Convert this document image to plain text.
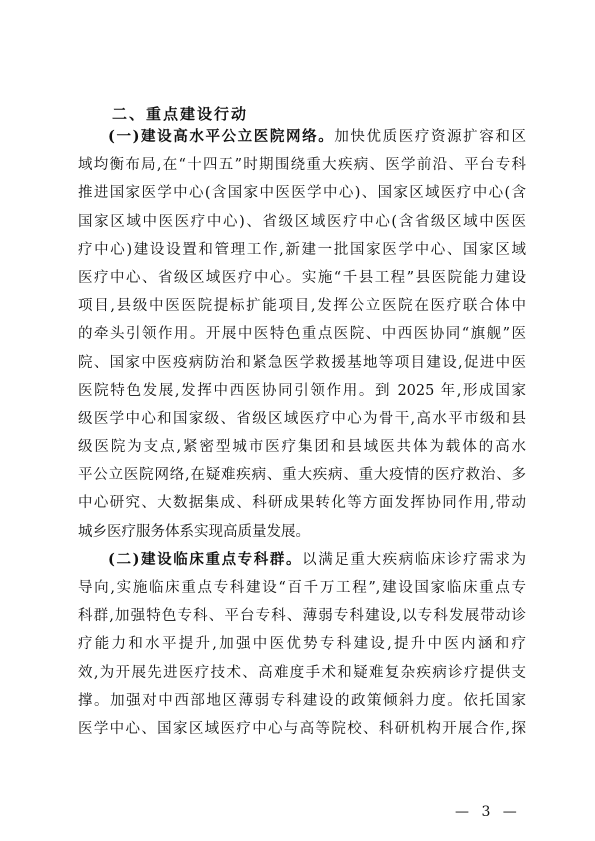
二、重点建设行动
(一)建设高水平公立医院网络。加快优质医疗资源扩容和区
域均衡布局,在“十四五”时期围绕重大疾病、医学前沿、平台专科
推进国家医学中心(含国家中医医学中心)、国家区域医疗中心(含
国家区域中医医疗中心)、省级区域医疗中心(含省级区域中医医
疗中心)建设设置和管理工作,新建一批国家医学中心、国家区域
医疗中心、省级区域医疗中心。实施“千县工程”县医院能力建设
项目,县级中医医院提标扩能项目,发挥公立医院在医疗联合体中
的牵头引领作用。开展中医特色重点医院、中西医协同“旗舰”医
院、国家中医疫病防治和紧急医学救援基地等项目建设,促进中医
医院特色发展,发挥中西医协同引领作用。到 2025 年,形成国家
级医学中心和国家级、省级区域医疗中心为骨干,高水平市级和县
级医院为支点,紧密型城市医疗集团和县域医共体为载体的高水
平公立医院网络,在疑难疾病、重大疾病、重大疫情的医疗救治、多
中心研究、大数据集成、科研成果转化等方面发挥协同作用,带动
城乡医疗服务体系实现高质量发展。
(二)建设临床重点专科群。以满足重大疾病临床诊疗需求为
导向,实施临床重点专科建设“百千万工程”,建设国家临床重点专
科群,加强特色专科、平台专科、薄弱专科建设,以专科发展带动诊
疗能力和水平提升,加强中医优势专科建设,提升中医内涵和疗
效,为开展先进医疗技术、高难度手术和疑难复杂疾病诊疗提供支
撑。加强对中西部地区薄弱专科建设的政策倾斜力度。依托国家
医学中心、国家区域医疗中心与高等院校、科研机构开展合作,探
— 3 —
